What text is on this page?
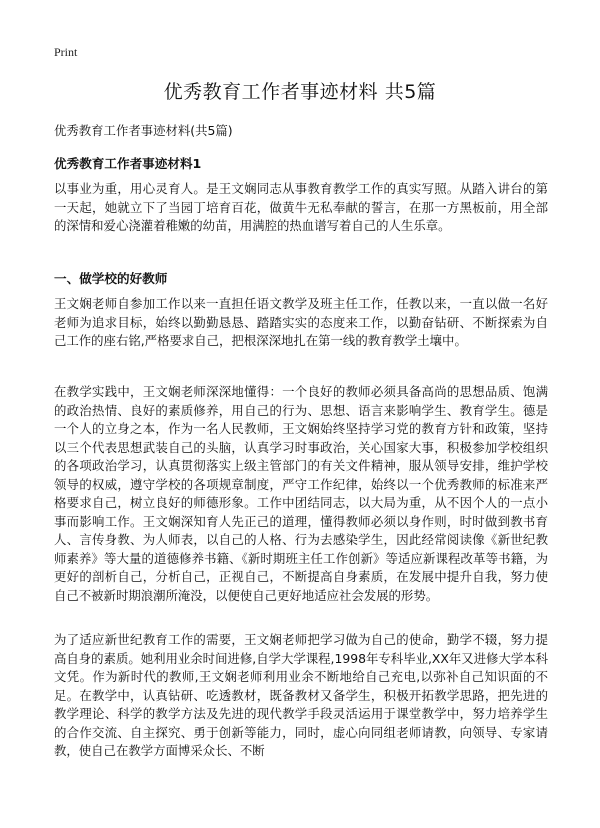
Print
优秀教育工作者事迹材料 共5篇
优秀教育工作者事迹材料(共5篇)
优秀教育工作者事迹材料1

以事业为重，用心灵育人。是王文娴同志从事教育教学工作的真实写照。从踏入讲台的第一天起，她就立下了当园丁培育百花，做黄牛无私奉献的誓言，在那一方黑板前，用全部的深情和爱心浇灌着稚嫩的幼苗，用满腔的热血谱写着自己的人生乐章。

一、做学校的好教师

王文娴老师自参加工作以来一直担任语文教学及班主任工作，任教以来，一直以做一名好老师为追求目标，始终以勤勤恳恳、踏踏实实的态度来工作，以勤奋钻研、不断探索为自己工作的座右铭,严格要求自己，把根深深地扎在第一线的教育教学土壤中。

在教学实践中，王文娴老师深深地懂得：一个良好的教师必须具备高尚的思想品质、饱满的政治热情、良好的素质修养，用自己的行为、思想、语言来影响学生、教育学生。德是一个人的立身之本，作为一名人民教师，王文娴始终坚持学习党的教育方针和政策，坚持以三个代表思想武装自己的头脑，认真学习时事政治，关心国家大事，积极参加学校组织的各项政治学习，认真贯彻落实上级主管部门的有关文件精神，服从领导安排，维护学校领导的权威，遵守学校的各项规章制度，严守工作纪律，始终以一个优秀教师的标准来严格要求自己，树立良好的师德形象。工作中团结同志，以大局为重，从不因个人的一点小事而影响工作。王文娴深知育人先正己的道理，懂得教师必须以身作则，时时做到教书育人、言传身教、为人师表，以自己的人格、行为去感染学生，因此经常阅读像《新世纪教师素养》等大量的道德修养书籍、《新时期班主任工作创新》等适应新课程改革等书籍，为更好的剖析自己，分析自己，正视自己，不断提高自身素质，在发展中提升自我，努力使自己不被新时期浪潮所淹没，以便使自己更好地适应社会发展的形势。

为了适应新世纪教育工作的需要，王文娴老师把学习做为自己的使命，勤学不辍，努力提高自身的素质。她利用业余时间进修,自学大学课程,1998年专科毕业,XX年又进修大学本科文凭。作为新时代的教师,王文娴老师利用业余不断地给自己充电,以弥补自己知识面的不足。在教学中，认真钻研、吃透教材，既备教材又备学生，积极开拓教学思路，把先进的教学理论、科学的教学方法及先进的现代教学手段灵活运用于课堂教学中，努力培养学生的合作交流、自主探究、勇于创新等能力，同时，虚心向同组老师请教，向领导、专家请教，使自己在教学方面博采众长、不断
